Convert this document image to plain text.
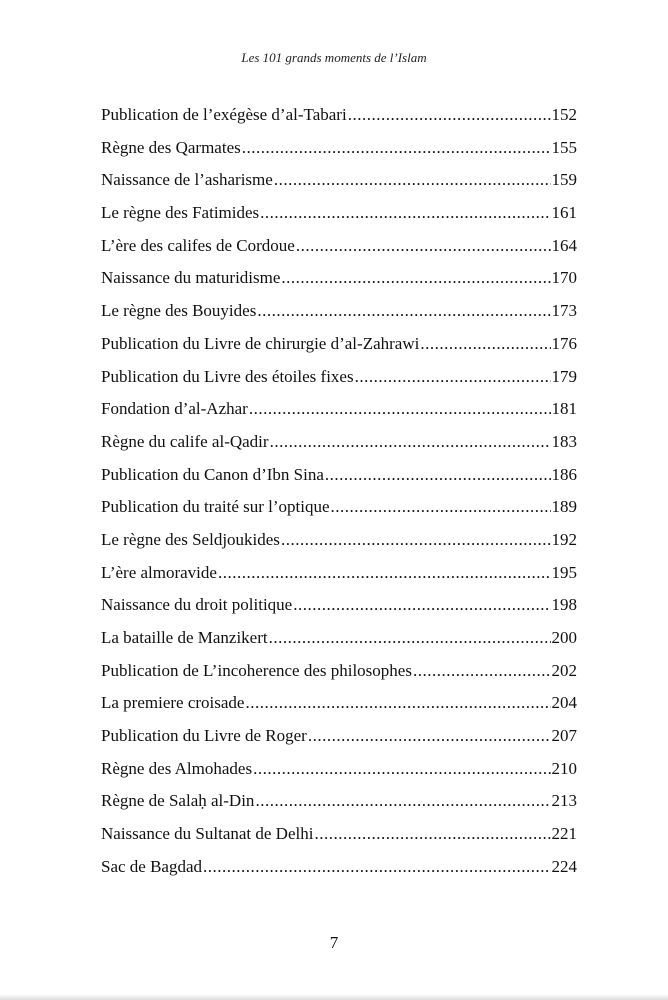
Les 101 grands moments de l’Islam
Publication de l’exégèse d’al-Tabari .....	152
Règne des Qarmates .....	155
Naissance de l’asharisme .....	159
Le règne des Fatimides .....	161
L’ère des califes de Cordoue .....	164
Naissance du maturidisme .....	170
Le règne des Bouyides .....	173
Publication du Livre de chirurgie d’al-Zahrawi .....	176
Publication du Livre des étoiles fixes .....	179
Fondation d’al-Azhar .....	181
Règne du calife al-Qadir .....	183
Publication du Canon d’Ibn Sina .....	186
Publication du traité sur l’optique .....	189
Le règne des Seldjoukides .....	192
L’ère almoravide .....	195
Naissance du droit politique .....	198
La bataille de Manzikert .....	200
Publication de L’incoherence des philosophes .....	202
La premiere croisade .....	204
Publication du Livre de Roger .....	207
Règne des Almohades .....	210
Règne de Salaḥ al-Din .....	213
Naissance du Sultanat de Delhi .....	221
Sac de Bagdad .....	224
7
